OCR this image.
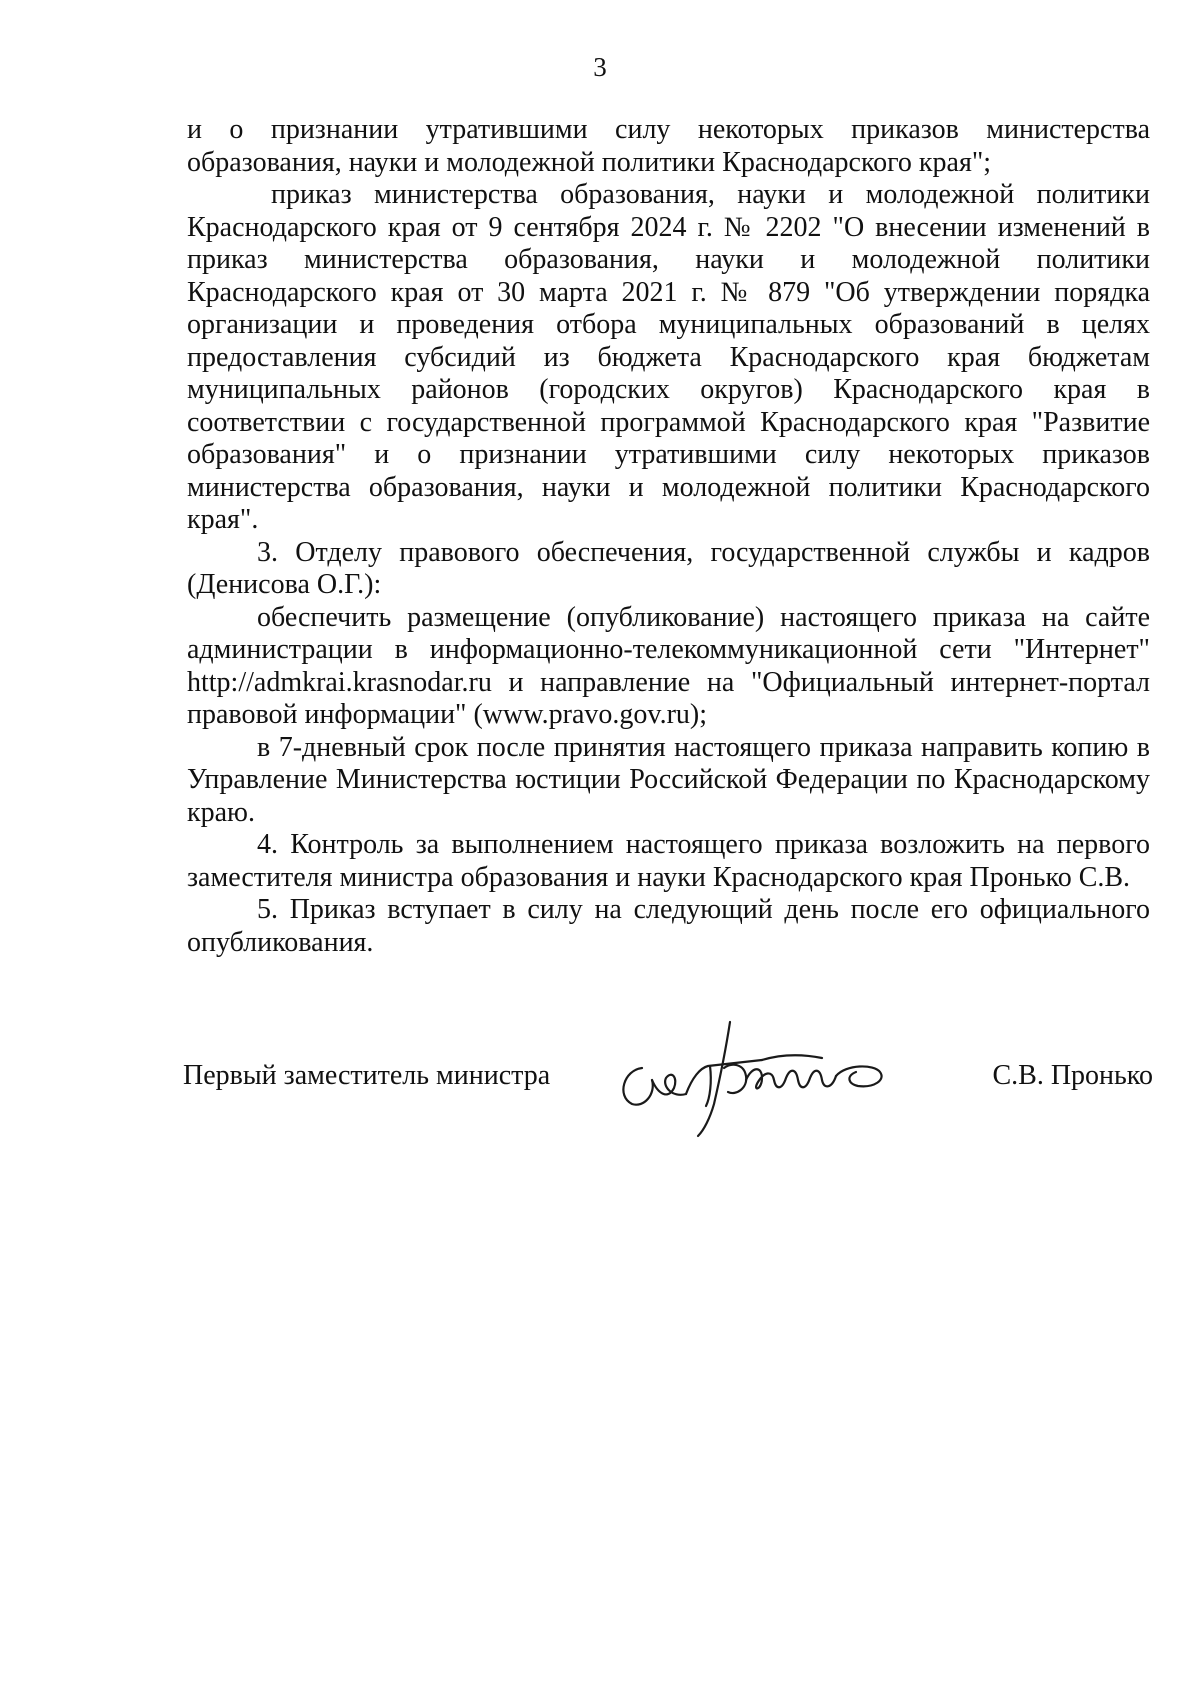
3

и о признании утратившими силу некоторых приказов министерства образования, науки и молодежной политики Краснодарского края";

приказ министерства образования, науки и молодежной политики Краснодарского края от 9 сентября 2024 г. № 2202 "О внесении изменений в приказ министерства образования, науки и молодежной политики Краснодарского края от 30 марта 2021 г. № 879 "Об утверждении порядка организации и проведения отбора муниципальных образований в целях предоставления субсидий из бюджета Краснодарского края бюджетам муниципальных районов (городских округов) Краснодарского края в соответствии с государственной программой Краснодарского края "Развитие образования" и о признании утратившими силу некоторых приказов министерства образования, науки и молодежной политики Краснодарского края".

3. Отделу правового обеспечения, государственной службы и кадров (Денисова О.Г.):

обеспечить размещение (опубликование) настоящего приказа на сайте администрации в информационно-телекоммуникационной сети "Интернет" http://admkrai.krasnodar.ru и направление на "Официальный интернет-портал правовой информации" (www.pravo.gov.ru);

в 7-дневный срок после принятия настоящего приказа направить копию в Управление Министерства юстиции Российской Федерации по Краснодарскому краю.

4. Контроль за выполнением настоящего приказа возложить на первого заместителя министра образования и науки Краснодарского края Пронько С.В.

5. Приказ вступает в силу на следующий день после его официального опубликования.

Первый заместитель министра	С.В. Пронько
